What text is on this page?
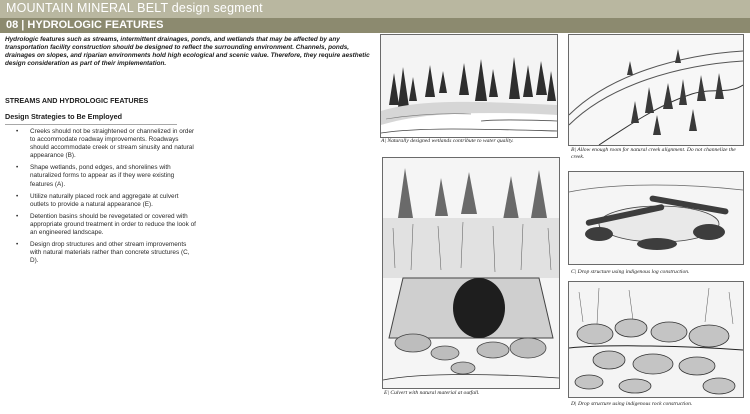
MOUNTAIN MINERAL BELT design segment
08 | HYDROLOGIC FEATURES
Hydrologic features such as streams, intermittent drainages, ponds, and wetlands that may be affected by any transportation facility construction should be designed to reflect the surrounding environment. Channels, ponds, drainages on slopes, and riparian environments hold high ecological and scenic value. Therefore, they require aesthetic design consideration as part of their implementation.
STREAMS AND HYDROLOGIC FEATURES
Design Strategies to Be Employed
• Creeks should not be straightened or channelized in order to accommodate roadway improvements. Roadways should accommodate creek or stream sinusity and natural appearance (B).
• Shape wetlands, pond edges, and shorelines with naturalized forms to appear as if they were existing features (A).
• Utilize naturally placed rock and aggregate at culvert outlets to provide a natural appearance (E).
• Detention basins should be revegetated or covered with appropriate ground treatment in order to reduce the look of an engineered landscape.
• Design drop structures and other stream improvements with natural materials rather than concrete structures (C, D).
A| Naturally designed wetlands contribute to water quality.
E| Culvert with natural material at outfall.
B| Allow enough room for natural creek alignment. Do not channelize the creek.
C| Drop structure using indigenous log construction.
D| Drop structure using indigenous rock construction.
